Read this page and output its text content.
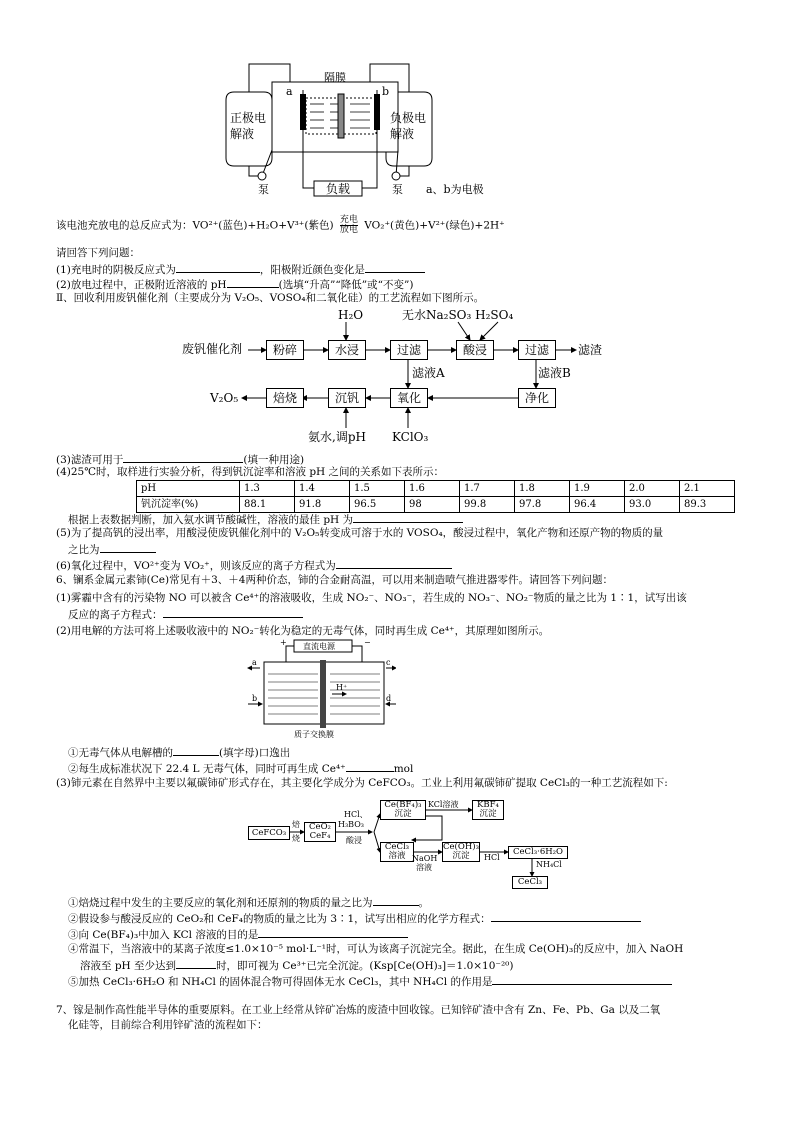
隔膜
a	b
正极电解液
负极电解液
负载
泵	泵 a、b为电极
该电池充放电的总反应式为：VO²⁺(蓝色)+H₂O+V³⁺(紫色) 充电
放电 VO₂⁺(黄色)+V²⁺(绿色)+2H⁺
请回答下列问题：
(1)充电时的阴极反应式为	，阳极附近颜色变化是
(2)放电过程中，正极附近溶液的 pH	(选填“升高”“降低”或“不变”)
Ⅱ、回收利用废钒催化剂（主要成分为 V₂O₅、VOSO₄和二氧化硅）的工艺流程如下图所示。
废钒催化剂	粉碎	水浸	过滤	酸浸	过滤	滤渣
H₂O	无水Na₂SO₃ H₂SO₄
滤液A	滤液B
净化
氧化
沉钒
焙烧
V₂O₅
氨水,调pH KClO₃
(3)滤渣可用于	(填一种用途)
(4)25℃时，取样进行实验分析，得到钒沉淀率和溶液 pH 之间的关系如下表所示：
pH	1.3	1.4	1.5	1.6	1.7	1.8	1.9	2.0	2.1
钒沉淀率(%)	88.1	91.8	96.5	98	99.8	97.8	96.4	93.0	89.3
根据上表数据判断，加入氨水调节酸碱性，溶液的最佳 pH 为
(5)为了提高钒的浸出率，用酸浸使废钒催化剂中的 V₂O₅转变成可溶于水的 VOSO₄，酸浸过程中，氧化产物和还原产物的物质的量
之比为
(6)氧化过程中，VO²⁺变为 VO₂⁺，则该反应的离子方程式为
6、镧系金属元素铈(Ce)常见有＋3、＋4两种价态，铈的合金耐高温，可以用来制造喷气推进器零件。请回答下列问题：
(1)雾霾中含有的污染物 NO 可以被含 Ce⁴⁺的溶液吸收，生成 NO₂⁻、NO₃⁻，若生成的 NO₃⁻、NO₂⁻物质的量之比为 1∶1，试写出该
反应的离子方程式：
(2)用电解的方法可将上述吸收液中的 NO₂⁻转化为稳定的无毒气体，同时再生成 Ce⁴⁺，其原理如图所示。
直流电源
+	−
a
b
c
d
H⁺
质子交换膜
①无毒气体从电解槽的	(填字母)口逸出
②每生成标准状况下 22.4 L 无毒气体，同时可再生成 Ce⁴⁺	mol
(3)铈元素在自然界中主要以氟碳铈矿形式存在，其主要化学成分为 CeFCO₃。工业上利用氟碳铈矿提取 CeCl₃的一种工艺流程如下:
CeFCO₃
焙
烧
CeO₂
CeF₄
HCl、
H₃BO₃
酸浸
Ce(BF₄)₃
沉淀
KCl溶液	KBF₄
沉淀
CeCl₃
溶液 NaOH
溶液
Ce(OH)₃
沉淀	HCl
CeCl₃·6H₂O
NH₄Cl
CeCl₃
①焙烧过程中发生的主要反应的氧化剂和还原剂的物质的量之比为	。
②假设参与酸浸反应的 CeO₂和 CeF₄的物质的量之比为 3∶1，试写出相应的化学方程式：
③向 Ce(BF₄)₃中加入 KCl 溶液的目的是
④常温下，当溶液中的某离子浓度≤1.0×10⁻⁵ mol·L⁻¹时，可认为该离子沉淀完全。据此，在生成 Ce(OH)₃的反应中，加入 NaOH
溶液至 pH 至少达到	时，即可视为 Ce³⁺已完全沉淀。(Ksp[Ce(OH)₃]＝1.0×10⁻²⁰)
⑤加热 CeCl₃·6H₂O 和 NH₄Cl 的固体混合物可得固体无水 CeCl₃，其中 NH₄Cl 的作用是
7、镓是制作高性能半导体的重要原料。在工业上经常从锌矿冶炼的废渣中回收镓。已知锌矿渣中含有 Zn、Fe、Pb、Ga 以及二氧
化硅等，目前综合利用锌矿渣的流程如下：
